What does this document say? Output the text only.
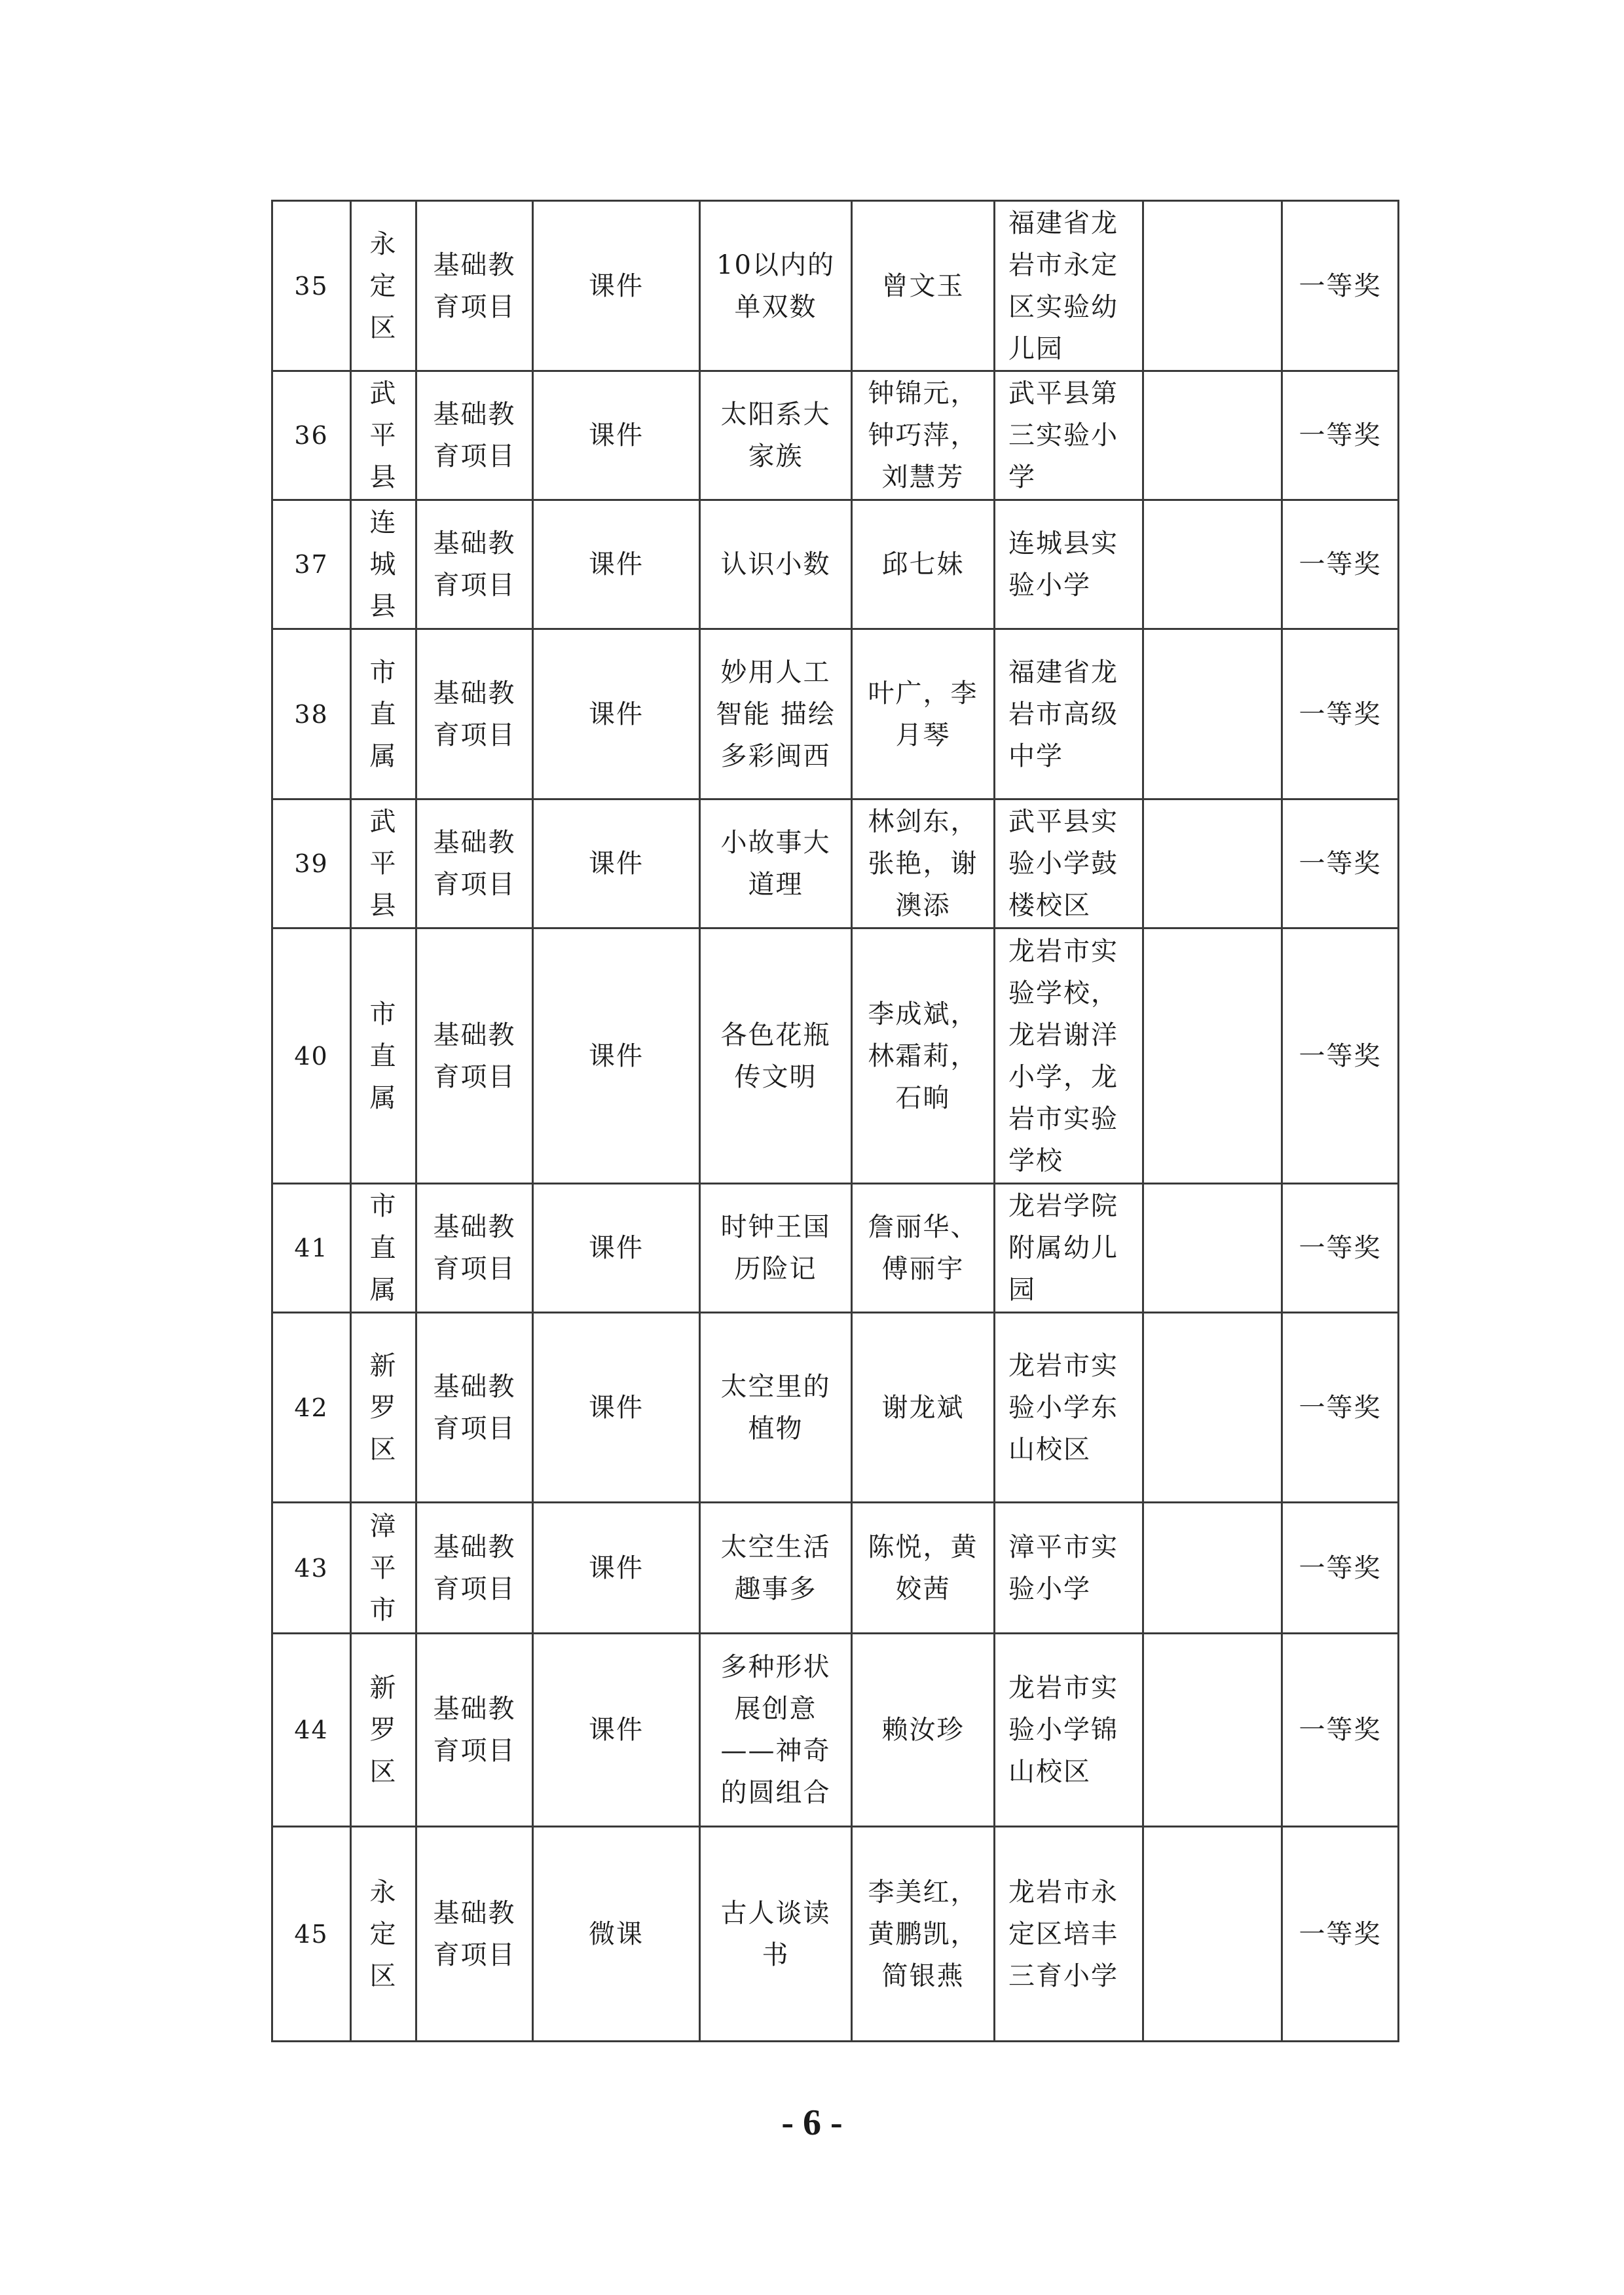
35	永定区	基础教育项目	课件	10以内的单双数	曾文玉	福建省龙岩市永定区实验幼儿园		一等奖
36	武平县	基础教育项目	课件	太阳系大家族	钟锦元，钟巧萍，刘慧芳	武平县第三实验小学		一等奖
37	连城县	基础教育项目	课件	认识小数	邱七妹	连城县实验小学		一等奖
38	市直属	基础教育项目	课件	妙用人工智能 描绘多彩闽西	叶广，李月琴	福建省龙岩市高级中学		一等奖
39	武平县	基础教育项目	课件	小故事大道理	林剑东，张艳，谢澳添	武平县实验小学鼓楼校区		一等奖
40	市直属	基础教育项目	课件	各色花瓶传文明	李成斌，林霜莉，石晌	龙岩市实验学校，龙岩谢洋小学，龙岩市实验学校		一等奖
41	市直属	基础教育项目	课件	时钟王国历险记	詹丽华、傅丽宇	龙岩学院附属幼儿园		一等奖
42	新罗区	基础教育项目	课件	太空里的植物	谢龙斌	龙岩市实验小学东山校区		一等奖
43	漳平市	基础教育项目	课件	太空生活趣事多	陈悦，黄姣茜	漳平市实验小学		一等奖
44	新罗区	基础教育项目	课件	多种形状展创意——神奇的圆组合	赖汝珍	龙岩市实验小学锦山校区		一等奖
45	永定区	基础教育项目	微课	古人谈读书	李美红，黄鹏凯，简银燕	龙岩市永定区培丰三育小学		一等奖
- 6 -
